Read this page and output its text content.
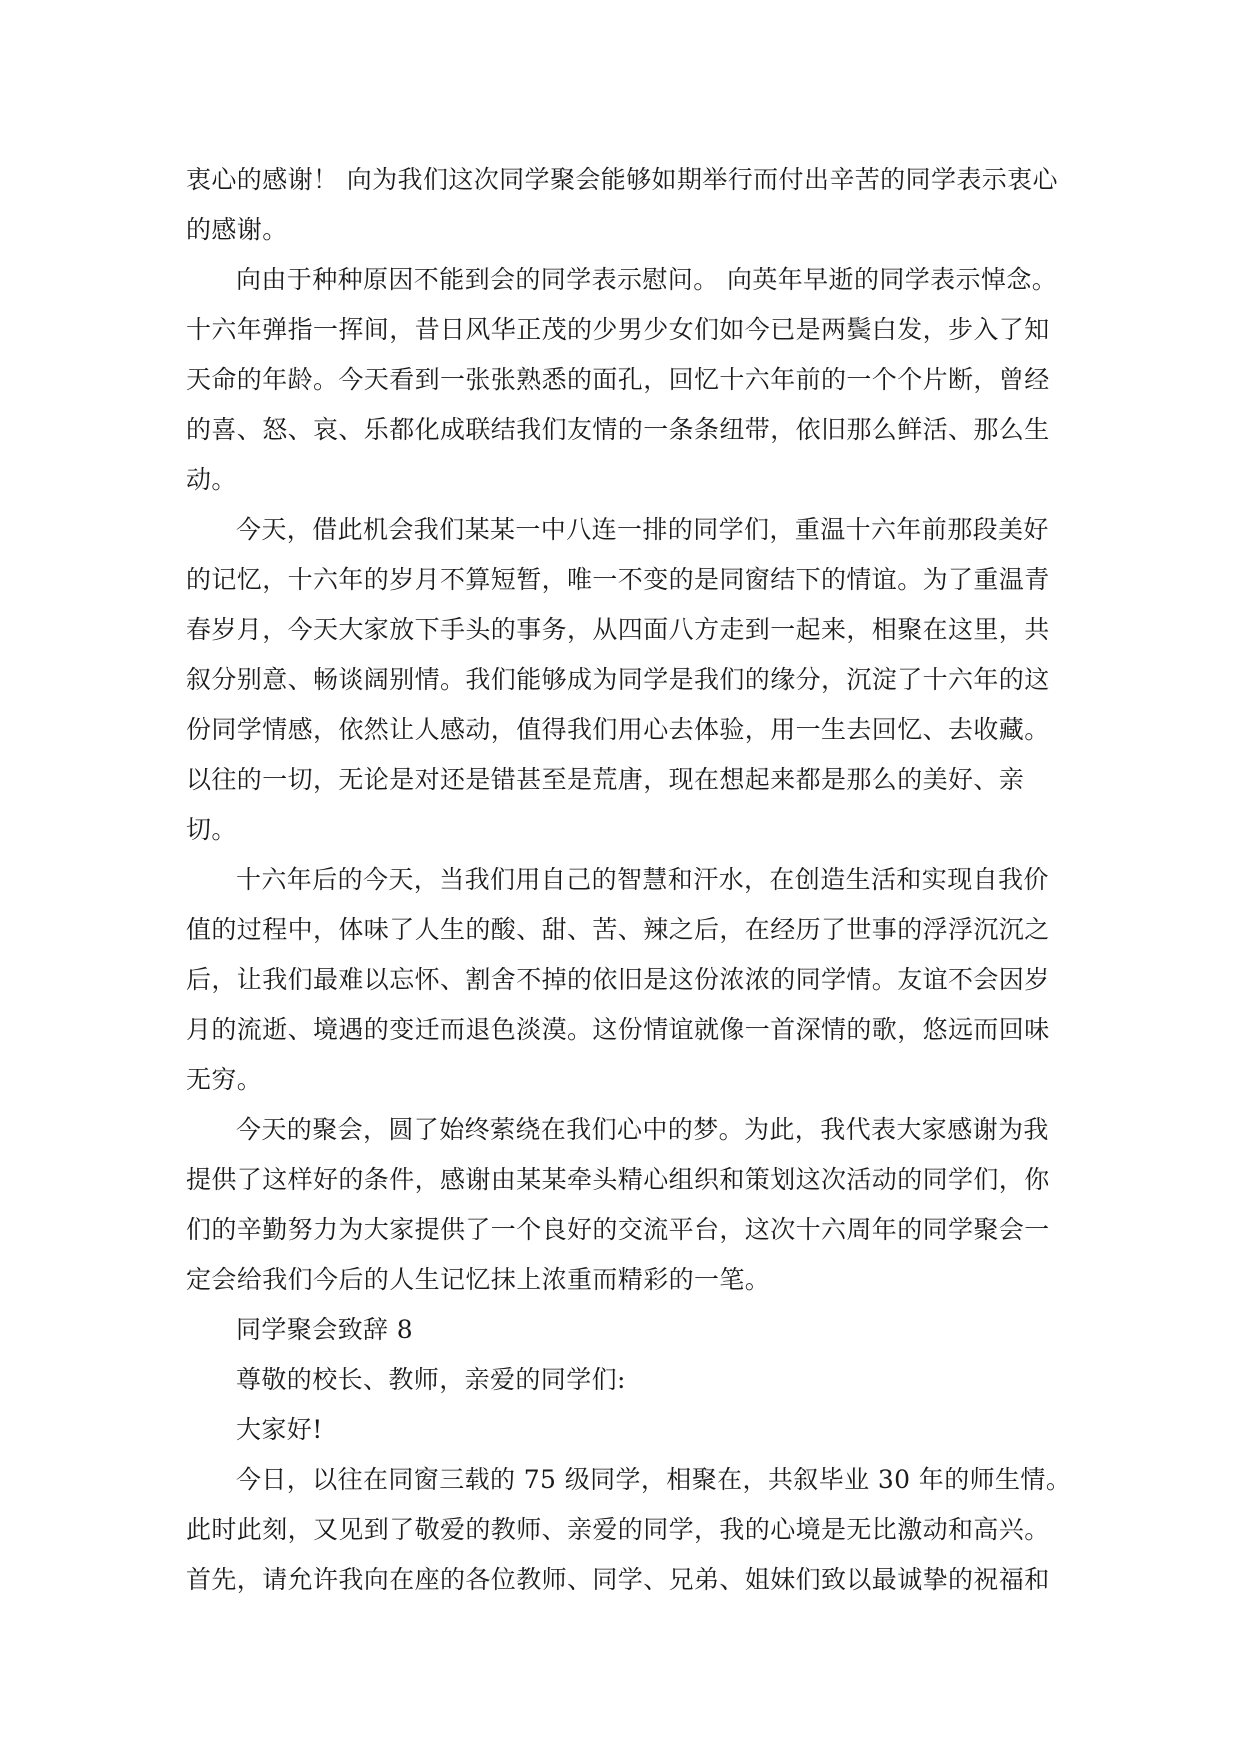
衷心的感谢！ 向为我们这次同学聚会能够如期举行而付出辛苦的同学表示衷心
的感谢。
向由于种种原因不能到会的同学表示慰问。 向英年早逝的同学表示悼念。
十六年弹指一挥间，昔日风华正茂的少男少女们如今已是两鬓白发，步入了知
天命的年龄。今天看到一张张熟悉的面孔，回忆十六年前的一个个片断，曾经
的喜、怒、哀、乐都化成联结我们友情的一条条纽带，依旧那么鲜活、那么生
动。
今天，借此机会我们某某一中八连一排的同学们，重温十六年前那段美好
的记忆，十六年的岁月不算短暂，唯一不变的是同窗结下的情谊。为了重温青
春岁月，今天大家放下手头的事务，从四面八方走到一起来，相聚在这里，共
叙分别意、畅谈阔别情。我们能够成为同学是我们的缘分，沉淀了十六年的这
份同学情感，依然让人感动，值得我们用心去体验，用一生去回忆、去收藏。
以往的一切，无论是对还是错甚至是荒唐，现在想起来都是那么的美好、亲
切。
十六年后的今天，当我们用自己的智慧和汗水，在创造生活和实现自我价
值的过程中，体味了人生的酸、甜、苦、辣之后，在经历了世事的浮浮沉沉之
后，让我们最难以忘怀、割舍不掉的依旧是这份浓浓的同学情。友谊不会因岁
月的流逝、境遇的变迁而退色淡漠。这份情谊就像一首深情的歌，悠远而回味
无穷。
今天的聚会，圆了始终萦绕在我们心中的梦。为此，我代表大家感谢为我
提供了这样好的条件，感谢由某某牵头精心组织和策划这次活动的同学们，你
们的辛勤努力为大家提供了一个良好的交流平台，这次十六周年的同学聚会一
定会给我们今后的人生记忆抹上浓重而精彩的一笔。
同学聚会致辞 8
尊敬的校长、教师，亲爱的同学们:
大家好!
今日，以往在同窗三载的 75 级同学，相聚在，共叙毕业 30 年的师生情。
此时此刻，又见到了敬爱的教师、亲爱的同学，我的心境是无比激动和高兴。
首先，请允许我向在座的各位教师、同学、兄弟、姐妹们致以最诚挚的祝福和
